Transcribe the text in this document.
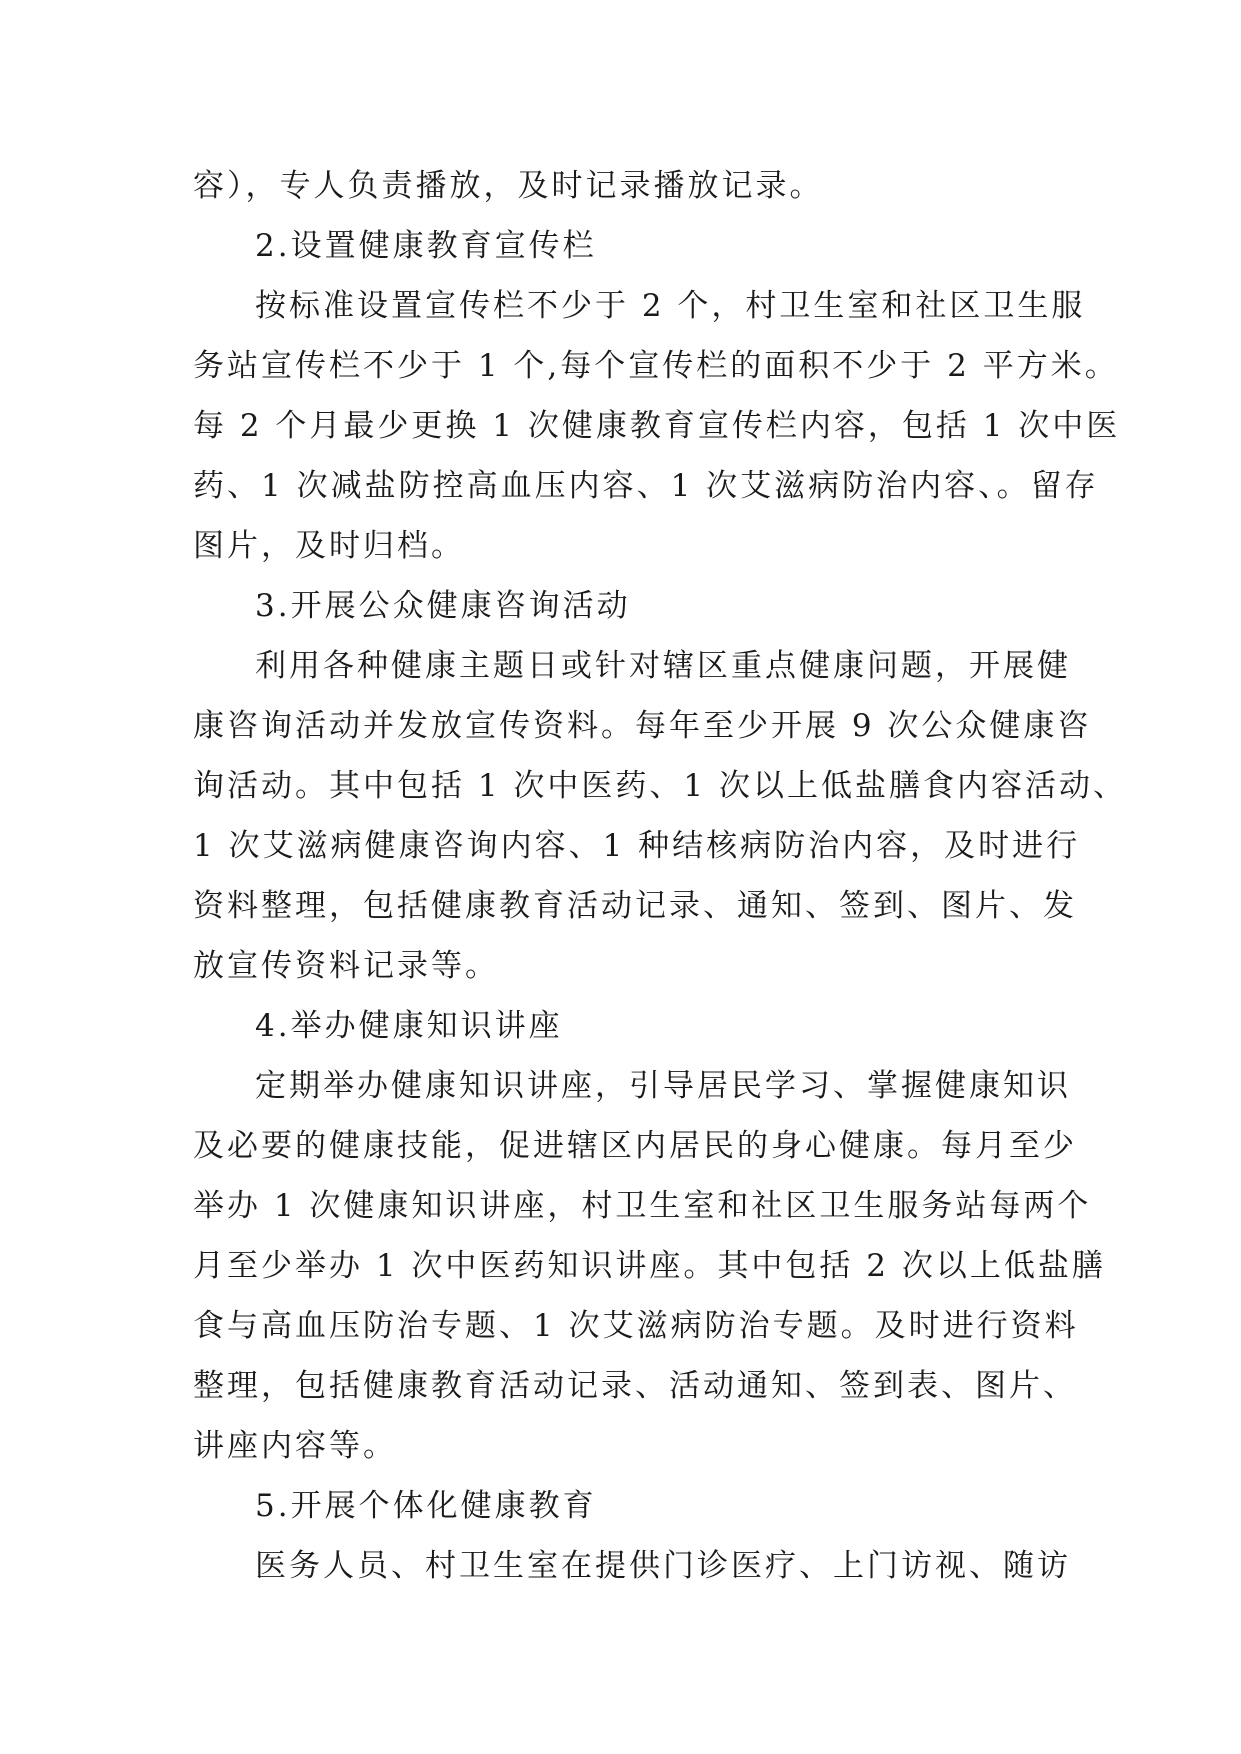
容），专人负责播放，及时记录播放记录。
2.设置健康教育宣传栏
按标准设置宣传栏不少于 2 个，村卫生室和社区卫生服
务站宣传栏不少于 1 个,每个宣传栏的面积不少于 2 平方米。
每 2 个月最少更换 1 次健康教育宣传栏内容，包括 1 次中医
药、1 次减盐防控高血压内容、1 次艾滋病防治内容、。留存
图片，及时归档。
3.开展公众健康咨询活动
利用各种健康主题日或针对辖区重点健康问题，开展健
康咨询活动并发放宣传资料。每年至少开展 9 次公众健康咨
询活动。其中包括 1 次中医药、1 次以上低盐膳食内容活动、
1 次艾滋病健康咨询内容、1 种结核病防治内容，及时进行
资料整理，包括健康教育活动记录、通知、签到、图片、发
放宣传资料记录等。
4.举办健康知识讲座
定期举办健康知识讲座，引导居民学习、掌握健康知识
及必要的健康技能，促进辖区内居民的身心健康。每月至少
举办 1 次健康知识讲座，村卫生室和社区卫生服务站每两个
月至少举办 1 次中医药知识讲座。其中包括 2 次以上低盐膳
食与高血压防治专题、1 次艾滋病防治专题。及时进行资料
整理，包括健康教育活动记录、活动通知、签到表、图片、
讲座内容等。
5.开展个体化健康教育
医务人员、村卫生室在提供门诊医疗、上门访视、随访
